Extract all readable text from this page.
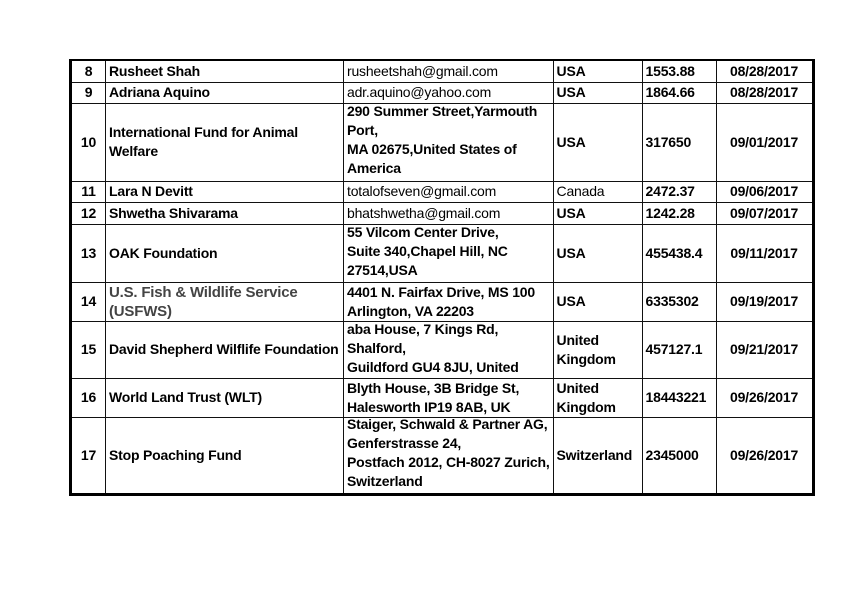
8	Rusheet Shah	rusheetshah@gmail.com	USA	1553.88	08/28/2017
9	Adriana Aquino	adr.aquino@yahoo.com	USA	1864.66	08/28/2017
10	International Fund for Animal
Welfare	290 Summer Street,Yarmouth
Port,
MA 02675,United States of
America	USA	317650	09/01/2017
11	Lara N Devitt	totalofseven@gmail.com	Canada	2472.37	09/06/2017
12	Shwetha Shivarama	bhatshwetha@gmail.com	USA	1242.28	09/07/2017
13	OAK Foundation	55 Vilcom Center Drive,
Suite 340,Chapel Hill, NC
27514,USA	USA	455438.4	09/11/2017
14	U.S. Fish & Wildlife Service
(USFWS)	4401 N. Fairfax Drive, MS 100
Arlington, VA 22203	USA	6335302	09/19/2017
15	David Shepherd Wilflife Foundation	aba House, 7 Kings Rd,
Shalford,
Guildford GU4 8JU, United	United
Kingdom	457127.1	09/21/2017
16	World Land Trust (WLT)	Blyth House, 3B Bridge St,
Halesworth IP19 8AB, UK	United
Kingdom	18443221	09/26/2017
17	Stop Poaching Fund	Staiger, Schwald & Partner AG,
Genferstrasse 24,
Postfach 2012, CH-8027 Zurich,
Switzerland	Switzerland	2345000	09/26/2017
